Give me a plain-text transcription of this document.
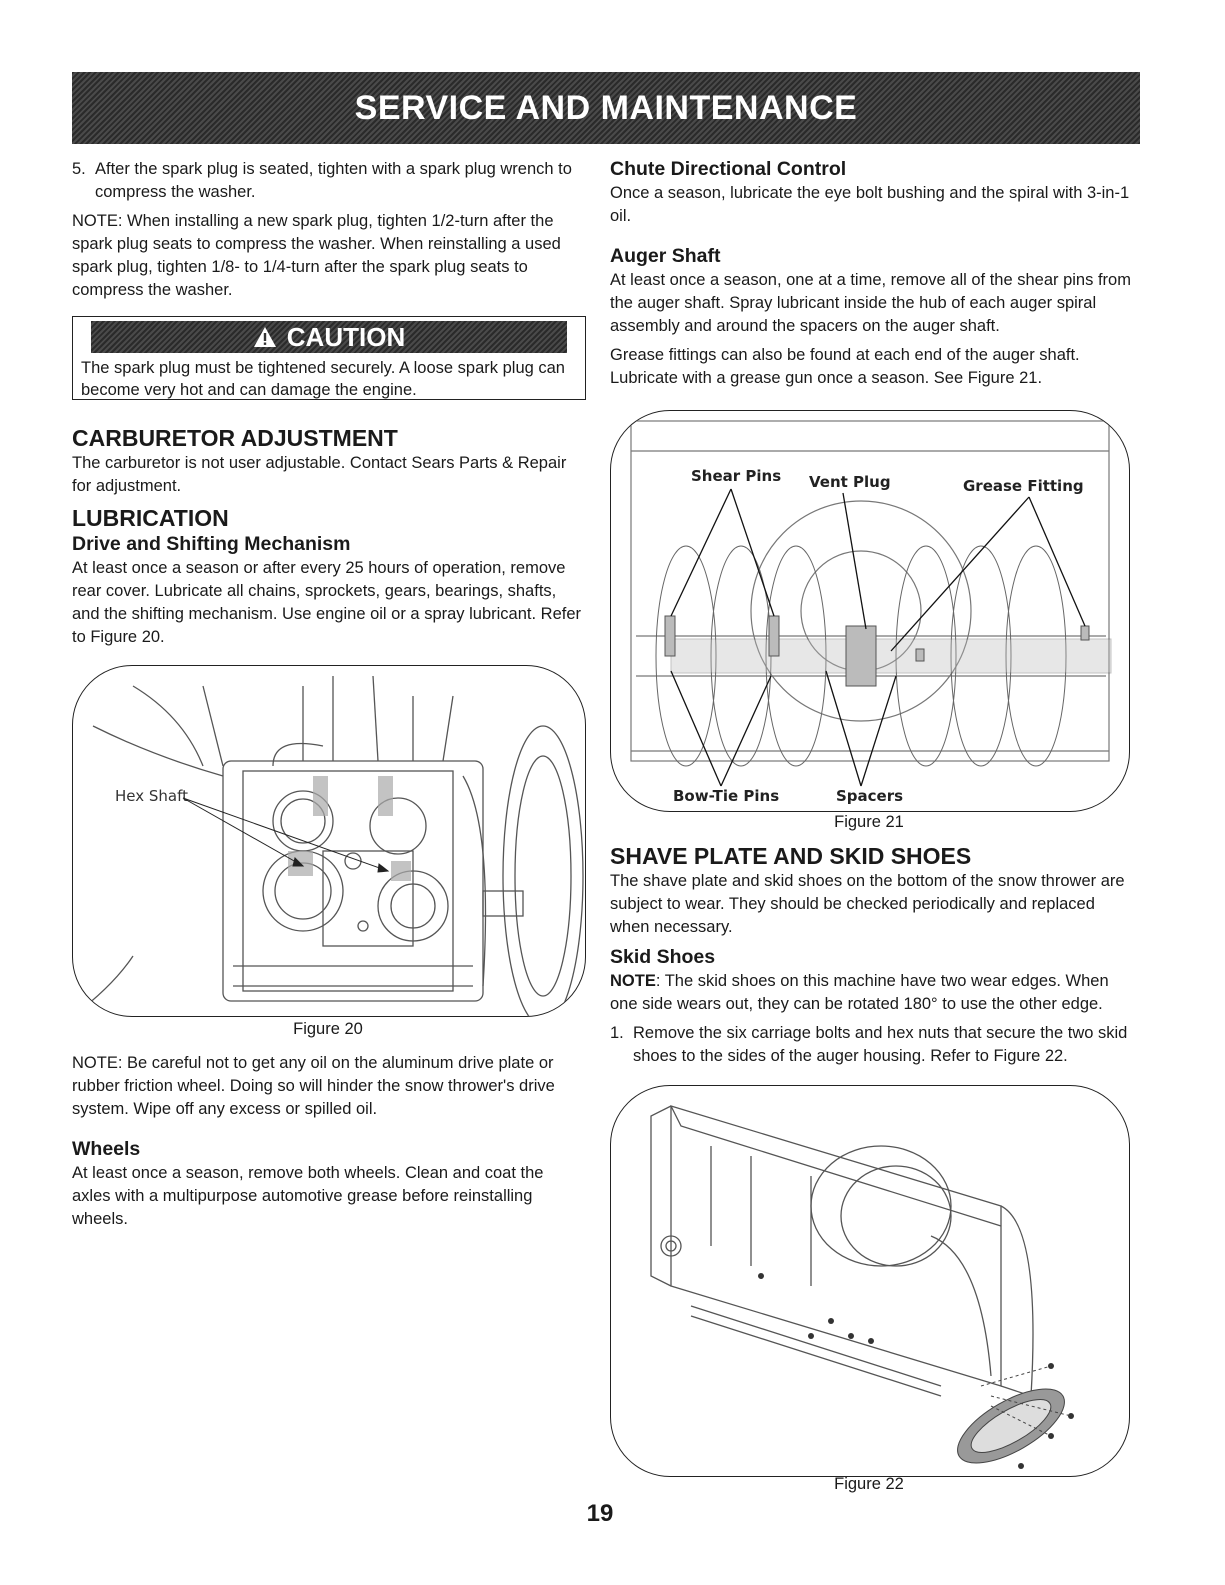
SERVICE AND MAINTENANCE
5. After the spark plug is seated, tighten with a spark plug wrench to compress the washer.

NOTE: When installing a new spark plug, tighten 1/2-turn after the spark plug seats to compress the washer. When reinstalling a used spark plug, tighten 1/8- to 1/4-turn after the spark plug seats to compress the washer.

CAUTION
The spark plug must be tightened securely. A loose spark plug can become very hot and can damage the engine.
CARBURETOR ADJUSTMENT

The carburetor is not user adjustable. Contact Sears Parts & Repair for adjustment.

LUBRICATION
Drive and Shifting Mechanism

At least once a season or after every 25 hours of operation, remove rear cover. Lubricate all chains, sprockets, gears, bearings, shafts, and the shifting mechanism. Use engine oil or a spray lubricant. Refer to Figure 20.

Hex Shaft
Figure 20

NOTE: Be careful not to get any oil on the aluminum drive plate or rubber friction wheel. Doing so will hinder the snow thrower's drive system. Wipe off any excess or spilled oil.

Wheels

At least once a season, remove both wheels. Clean and coat the axles with a multipurpose automotive grease before reinstalling wheels.

Chute Directional Control

Once a season, lubricate the eye bolt bushing and the spiral with 3-in-1 oil.

Auger Shaft

At least once a season, one at a time, remove all of the shear pins from the auger shaft. Spray lubricant inside the hub of each auger spiral assembly and around the spacers on the auger shaft.

Grease fittings can also be found at each end of the auger shaft. Lubricate with a grease gun once a season. See Figure 21.

Shear Pins Vent Plug	Grease Fitting
Bow-Tie Pins	Spacers
Figure 21
SHAVE PLATE AND SKID SHOES

The shave plate and skid shoes on the bottom of the snow thrower are subject to wear. They should be checked periodically and replaced when necessary.

Skid Shoes

NOTE: The skid shoes on this machine have two wear edges. When one side wears out, they can be rotated 180° to use the other edge.

1. Remove the six carriage bolts and hex nuts that secure the two skid shoes to the sides of the auger housing. Refer to Figure 22.

Figure 22
19
